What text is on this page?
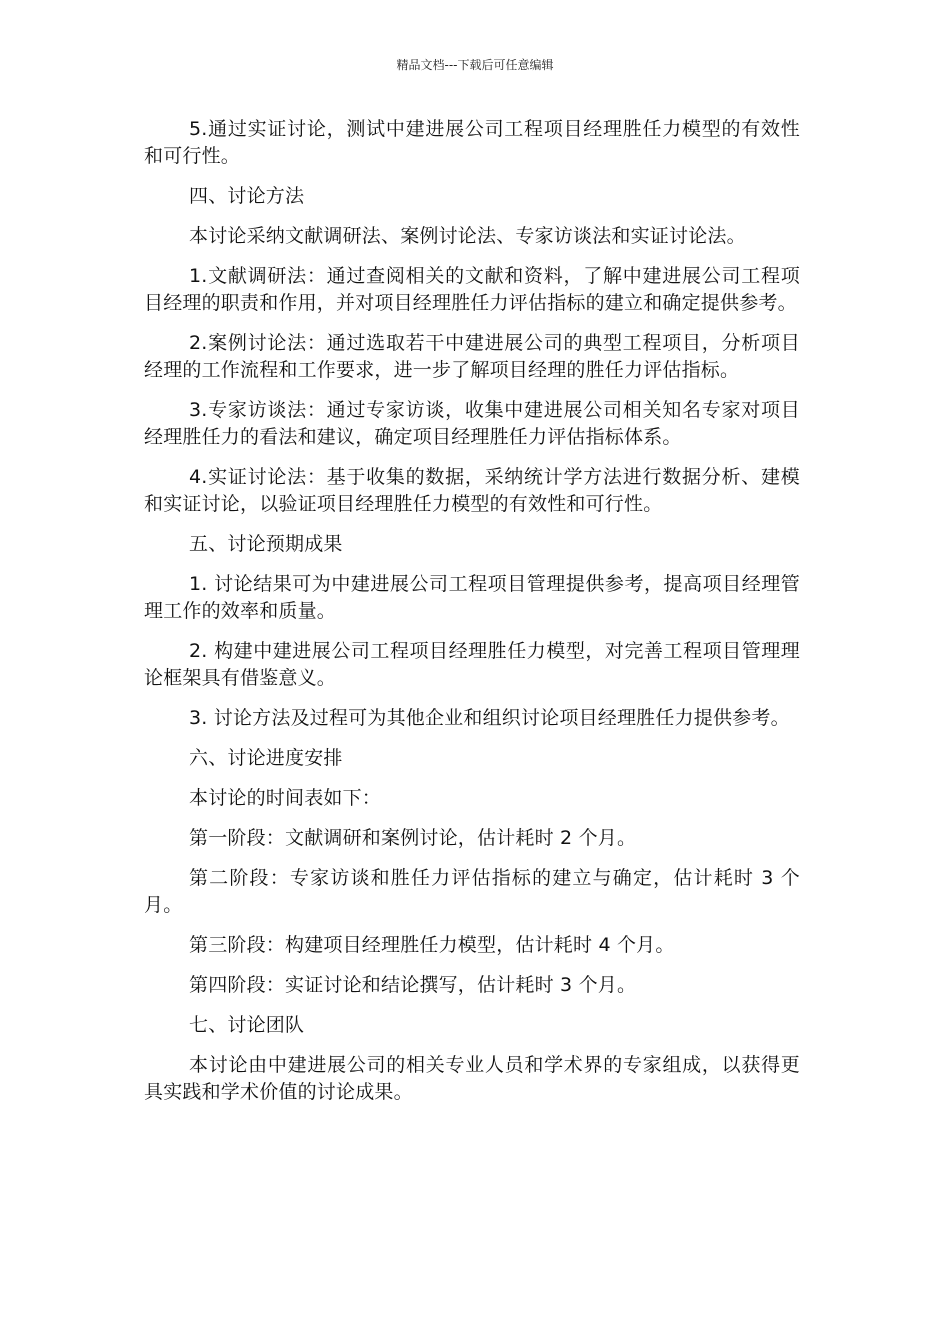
精品文档---下载后可任意编辑

5.通过实证讨论，测试中建进展公司工程项目经理胜任力模型的有效性和可行性。

四、讨论方法

本讨论采纳文献调研法、案例讨论法、专家访谈法和实证讨论法。

1.文献调研法：通过查阅相关的文献和资料，了解中建进展公司工程项目经理的职责和作用，并对项目经理胜任力评估指标的建立和确定提供参考。

2.案例讨论法：通过选取若干中建进展公司的典型工程项目，分析项目经理的工作流程和工作要求，进一步了解项目经理的胜任力评估指标。

3.专家访谈法：通过专家访谈，收集中建进展公司相关知名专家对项目经理胜任力的看法和建议，确定项目经理胜任力评估指标体系。

4.实证讨论法：基于收集的数据，采纳统计学方法进行数据分析、建模和实证讨论，以验证项目经理胜任力模型的有效性和可行性。

五、讨论预期成果

1. 讨论结果可为中建进展公司工程项目管理提供参考，提高项目经理管理工作的效率和质量。

2. 构建中建进展公司工程项目经理胜任力模型，对完善工程项目管理理论框架具有借鉴意义。

3. 讨论方法及过程可为其他企业和组织讨论项目经理胜任力提供参考。

六、讨论进度安排

本讨论的时间表如下：

第一阶段：文献调研和案例讨论，估计耗时 2 个月。

第二阶段：专家访谈和胜任力评估指标的建立与确定，估计耗时 3 个月。

第三阶段：构建项目经理胜任力模型，估计耗时 4 个月。

第四阶段：实证讨论和结论撰写，估计耗时 3 个月。

七、讨论团队

本讨论由中建进展公司的相关专业人员和学术界的专家组成，以获得更具实践和学术价值的讨论成果。
